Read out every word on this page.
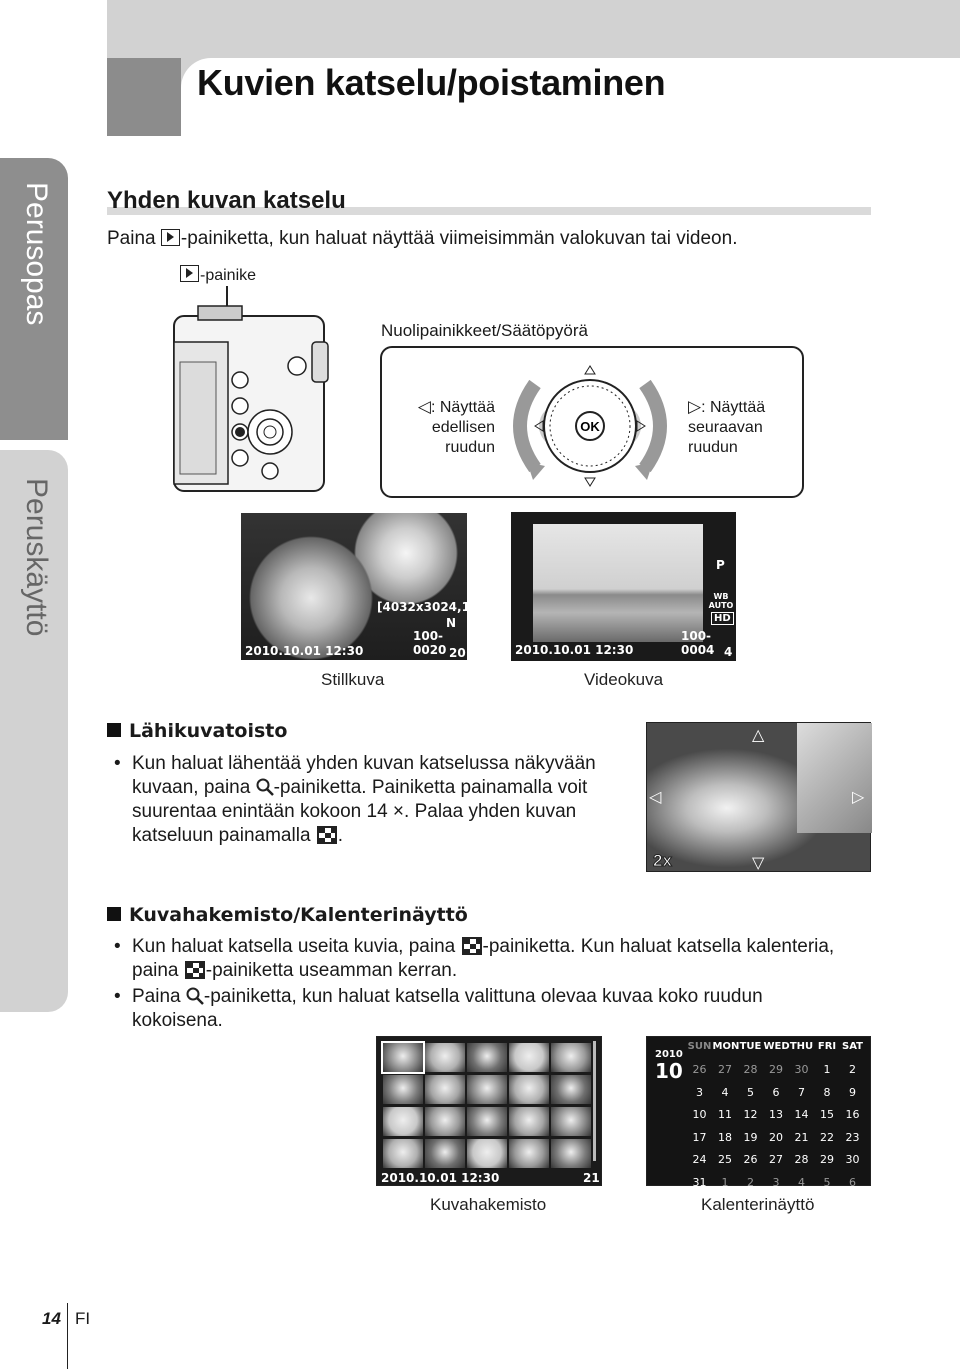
Kuvien katselu/poistaminen
Perusopas
Peruskäyttö
Yhden kuvan katselu
Paina -painiketta, kun haluat näyttää viimeisimmän valokuvan tai videon.
-painike
Nuolipainikkeet/Säätöpyörä
◁: Näyttää
edellisen
ruudun
▷: Näyttää
seuraavan
ruudun
OK
[4032x3024,1/8]
N
100-0020 20
2010.10.01 12:30
Stillkuva
P
WB AUTO
HD
100-0004 4
2010.10.01 12:30
Videokuva
Lähikuvatoisto
• Kun haluat lähentää yhden kuvan katselussa näkyvään
kuvaan, paina -painiketta. Painiketta painamalla voit
suurentaa enintään kokoon 14 ×. Palaa yhden kuvan
katseluun painamalla .
△
◁	▷
▽
2x
Kuvahakemisto/Kalenterinäyttö
• Kun haluat katsella useita kuvia, paina -painiketta. Kun haluat katsella kalenteria,
paina -painiketta useamman kerran.
• Paina -painiketta, kun haluat katsella valittuna olevaa kuvaa koko ruudun
kokoisena.
2010.10.01 12:30	21
Kuvahakemisto
2010
10
SUN MON TUE WED THU FRI SAT
26	27	28	29	30	1	2
3	4	5	6	7	8	9
10	11	12	13	14	15	16
17	18	19	20	21	22	23
24	25	26	27	28	29	30
31	1	2	3	4	5	6
Kalenterinäyttö
14 FI
